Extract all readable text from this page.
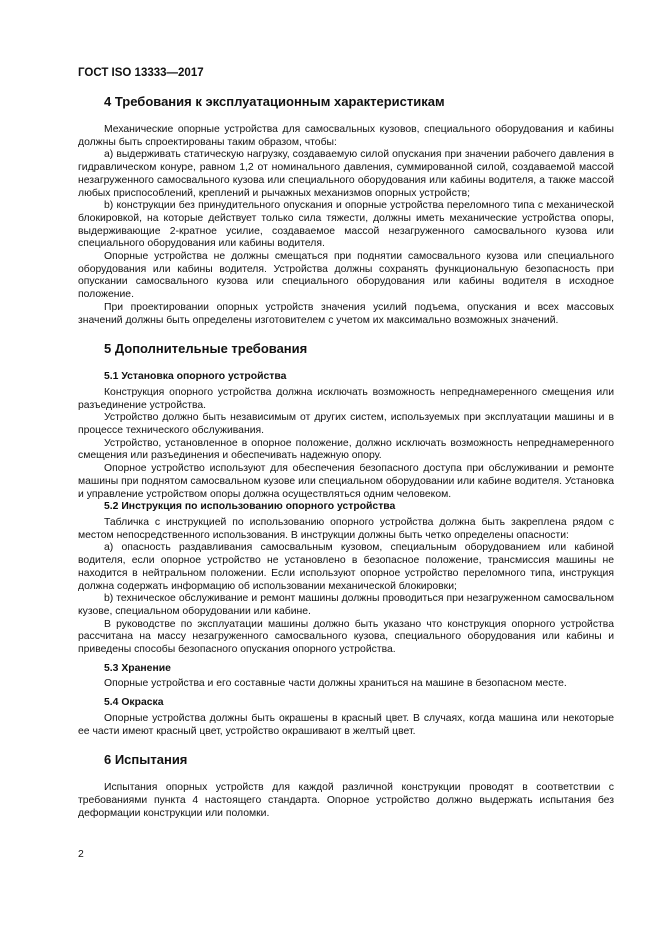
ГОСТ ISO 13333—2017
4 Требования к эксплуатационным характеристикам

Механические опорные устройства для самосвальных кузовов, специального оборудования и кабины должны быть спроектированы таким образом, чтобы:

a) выдерживать статическую нагрузку, создаваемую силой опускания при значении рабочего давления в гидравлическом конуре, равном 1,2 от номинального давления, суммированной силой, создаваемой массой незагруженного самосвального кузова или специального оборудования или кабины водителя, а также массой любых приспособлений, креплений и рычажных механизмов опорных устройств;

b) конструкции без принудительного опускания и опорные устройства переломного типа с механической блокировкой, на которые действует только сила тяжести, должны иметь механические устройства опоры, выдерживающие 2-кратное усилие, создаваемое массой незагруженного самосвального кузова или специального оборудования или кабины водителя.

Опорные устройства не должны смещаться при поднятии самосвального кузова или специального оборудования или кабины водителя. Устройства должны сохранять функциональную безопасность при опускании самосвального кузова или специального оборудования или кабины водителя в исходное положение.

При проектировании опорных устройств значения усилий подъема, опускания и всех массовых значений должны быть определены изготовителем с учетом их максимально возможных значений.

5 Дополнительные требования
5.1 Установка опорного устройства

Конструкция опорного устройства должна исключать возможность непреднамеренного смещения или разъединение устройства.

Устройство должно быть независимым от других систем, используемых при эксплуатации машины и в процессе технического обслуживания.

Устройство, установленное в опорное положение, должно исключать возможность непреднамеренного смещения или разъединения и обеспечивать надежную опору.

Опорное устройство используют для обеспечения безопасного доступа при обслуживании и ремонте машины при поднятом самосвальном кузове или специальном оборудовании или кабине водителя. Установка и управление устройством опоры должна осуществляться одним человеком.

5.2 Инструкция по использованию опорного устройства

Табличка с инструкцией по использованию опорного устройства должна быть закреплена рядом с местом непосредственного использования. В инструкции должны быть четко определены опасности:

a) опасность раздавливания самосвальным кузовом, специальным оборудованием или кабиной водителя, если опорное устройство не установлено в безопасное положение, трансмиссия машины не находится в нейтральном положении. Если используют опорное устройство переломного типа, инструкция должна содержать информацию об использовании механической блокировки;

b) техническое обслуживание и ремонт машины должны проводиться при незагруженном самосвальном кузове, специальном оборудовании или кабине.

В руководстве по эксплуатации машины должно быть указано что конструкция опорного устройства рассчитана на массу незагруженного самосвального кузова, специального оборудования или кабины и приведены способы безопасного опускания опорного устройства.

5.3 Хранение

Опорные устройства и его составные части должны храниться на машине в безопасном месте.

5.4 Окраска

Опорные устройства должны быть окрашены в красный цвет. В случаях, когда машина или некоторые ее части имеют красный цвет, устройство окрашивают в желтый цвет.

6 Испытания

Испытания опорных устройств для каждой различной конструкции проводят в соответствии с требованиями пункта 4 настоящего стандарта. Опорное устройство должно выдержать испытания без деформации конструкции или поломки.

2
